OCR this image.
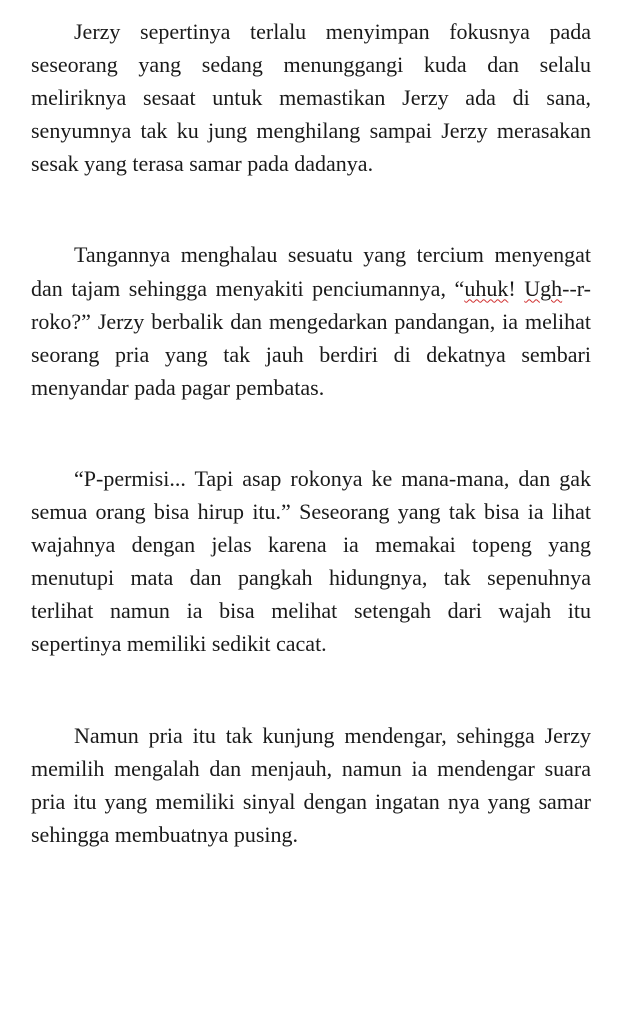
Jerzy sepertinya terlalu menyimpan fokusnya pada seseorang yang sedang menunggangi kuda dan selalu meliriknya sesaat untuk memastikan Jerzy ada di sana, senyumnya tak ku jung menghilang sampai Jerzy merasakan sesak yang terasa samar pada dadanya.

Tangannya menghalau sesuatu yang tercium menyengat dan tajam sehingga menyakiti penciumannya, “uhuk! Ugh--r-roko?” Jerzy berbalik dan mengedarkan pandangan, ia melihat seorang pria yang tak jauh berdiri di dekatnya sembari menyandar pada pagar pembatas.

“P-permisi... Tapi asap rokonya ke mana-mana, dan gak semua orang bisa hirup itu.” Seseorang yang tak bisa ia lihat wajahnya dengan jelas karena ia memakai topeng yang menutupi mata dan pangkah hidungnya, tak sepenuhnya terlihat namun ia bisa melihat setengah dari wajah itu sepertinya memiliki sedikit cacat.

Namun pria itu tak kunjung mendengar, sehingga Jerzy memilih mengalah dan menjauh, namun ia mendengar suara pria itu yang memiliki sinyal dengan ingatan nya yang samar sehingga membuatnya pusing.
